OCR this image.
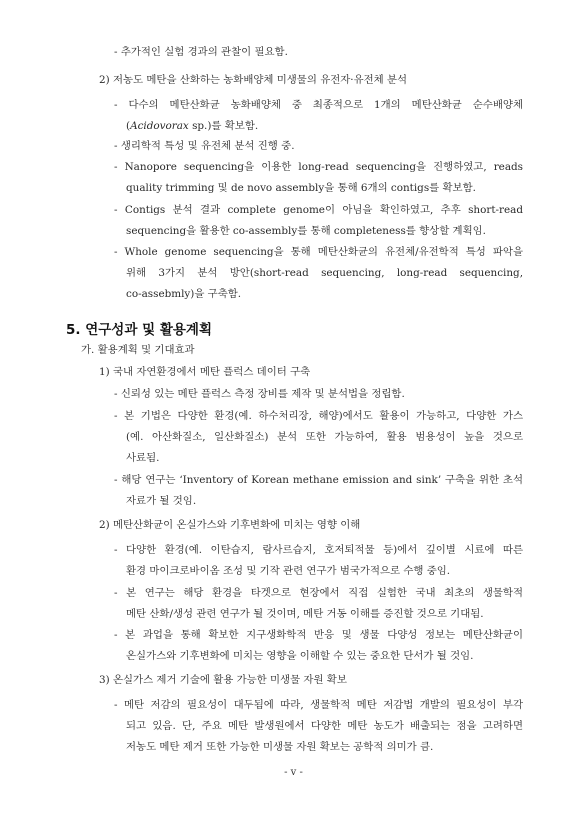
- 추가적인 실험 경과의 관찰이 필요함.
2) 저농도 메탄을 산화하는 농화배양체 미생물의 유전자·유전체 분석
- 다수의 메탄산화균 농화배양체 중 최종적으로 1개의 메탄산화균 순수배양체
(Acidovorax sp.)를 확보함.
- 생리학적 특성 및 유전체 분석 진행 중.
- Nanopore sequencing을 이용한 long-read sequencing을 진행하였고, reads
quality trimming 및 de novo assembly을 통해 6개의 contigs를 확보함.
- Contigs 분석 결과 complete genome이 아님을 확인하였고, 추후 short-read
sequencing을 활용한 co-assembly를 통해 completeness를 향상할 계획임.
- Whole genome sequencing을 통해 메탄산화균의 유전체/유전학적 특성 파악을
위해 3가지 분석 방안(short-read sequencing, long-read sequencing,
co-assebmly)을 구축함.
5. 연구성과 및 활용계획
가. 활용계획 및 기대효과
1) 국내 자연환경에서 메탄 플럭스 데이터 구축
- 신뢰성 있는 메탄 플럭스 측정 장비를 제작 및 분석법을 정립함.
- 본 기법은 다양한 환경(예. 하수처리장, 해양)에서도 활용이 가능하고, 다양한 가스
(예. 아산화질소, 일산화질소) 분석 또한 가능하여, 활용 범용성이 높을 것으로
사료됨.
- 해당 연구는 ‘Inventory of Korean methane emission and sink’ 구축을 위한 초석
자료가 될 것임.
2) 메탄산화균이 온실가스와 기후변화에 미치는 영향 이해
- 다양한 환경(예. 이탄습지, 람사르습지, 호저퇴적물 등)에서 깊이별 시료에 따른
환경 마이크로바이옴 조성 및 기작 관련 연구가 범국가적으로 수행 중임.
- 본 연구는 해당 환경을 타겟으로 현장에서 직접 실험한 국내 최초의 생물학적
메탄 산화/생성 관련 연구가 될 것이며, 메탄 거동 이해를 증진할 것으로 기대됨.
- 본 과업을 통해 확보한 지구생화학적 반응 및 생물 다양성 정보는 메탄산화균이
온실가스와 기후변화에 미치는 영향을 이해할 수 있는 중요한 단서가 될 것임.
3) 온실가스 제거 기술에 활용 가능한 미생물 자원 확보
- 메탄 저감의 필요성이 대두됨에 따라, 생물학적 메탄 저감법 개발의 필요성이 부각
되고 있음. 단, 주요 메탄 발생원에서 다양한 메탄 농도가 배출되는 점을 고려하면
저농도 메탄 제거 또한 가능한 미생물 자원 확보는 공학적 의미가 큼.
- v -
